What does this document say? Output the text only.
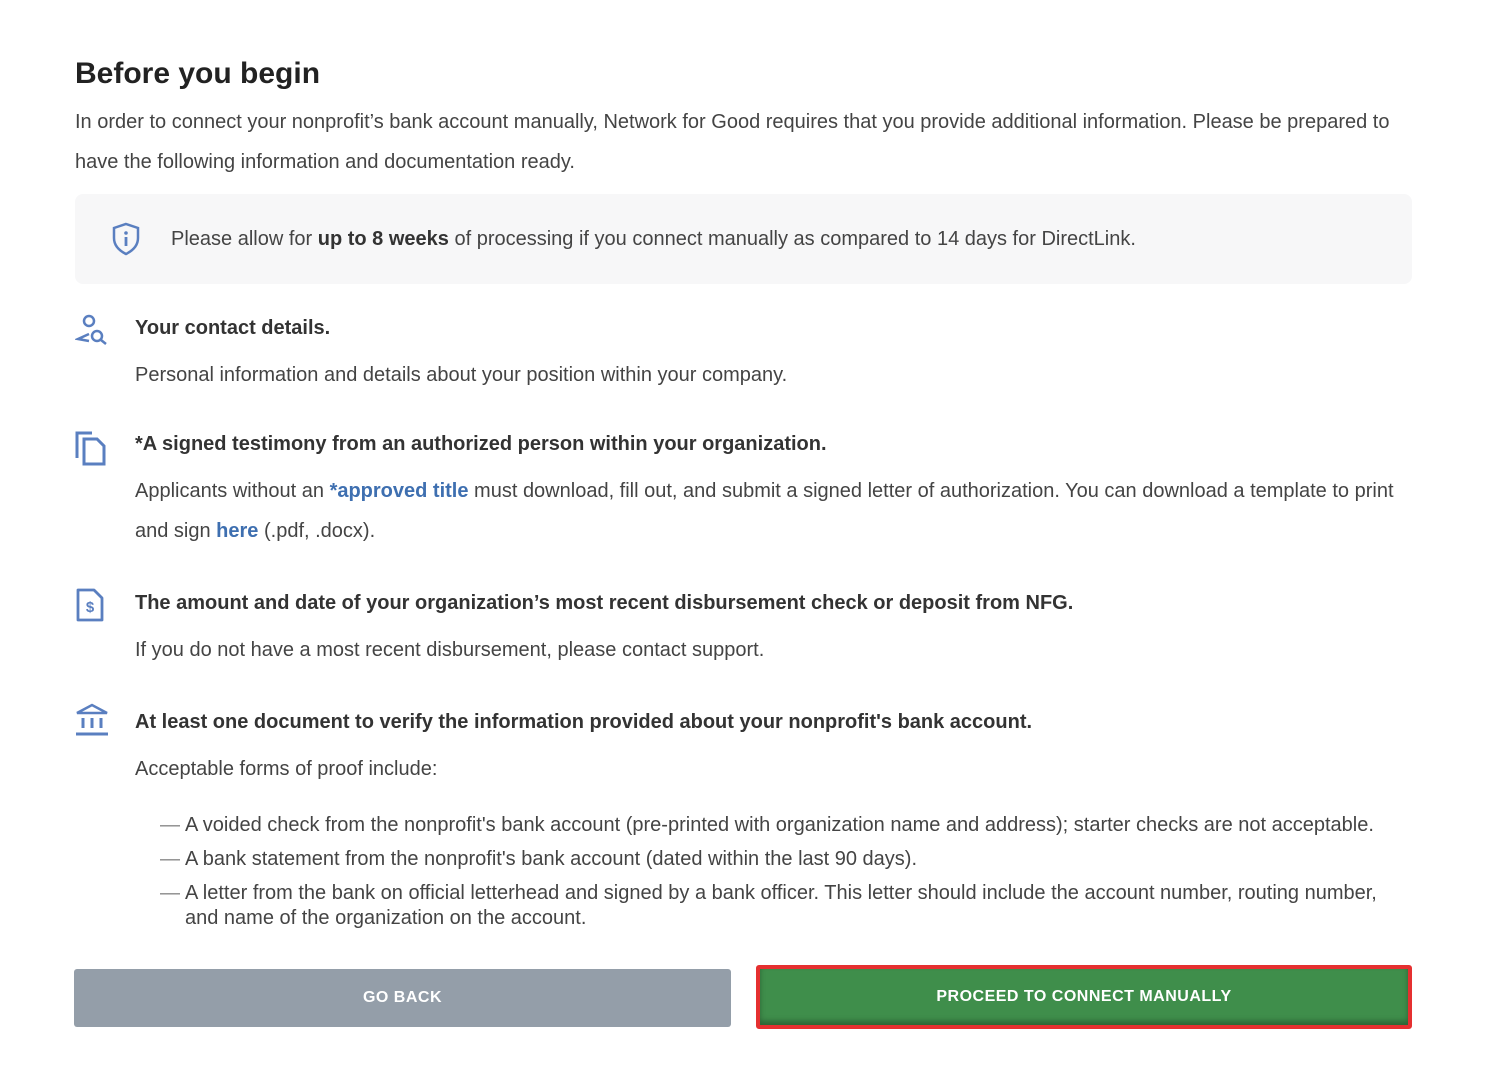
Before you begin

In order to connect your nonprofit’s bank account manually, Network for Good requires that you provide additional information. Please be prepared to have the following information and documentation ready.

Please allow for up to 8 weeks of processing if you connect manually as compared to 14 days for DirectLink.
Your contact details.

Personal information and details about your position within your company.

*A signed testimony from an authorized person within your organization.

Applicants without an *approved title must download, fill out, and submit a signed letter of authorization. You can download a template to print and sign here (.pdf, .docx).

$ The amount and date of your organization’s most recent disbursement check or deposit from NFG.

If you do not have a most recent disbursement, please contact support.

At least one document to verify the information provided about your nonprofit's bank account.

Acceptable forms of proof include:

— A voided check from the nonprofit's bank account (pre-printed with organization name and address); starter checks are not acceptable.
— A bank statement from the nonprofit's bank account (dated within the last 90 days).
— A letter from the bank on official letterhead and signed by a bank officer. This letter should include the account number, routing number, and name of the organization on the account.
GO BACK	PROCEED TO CONNECT MANUALLY
